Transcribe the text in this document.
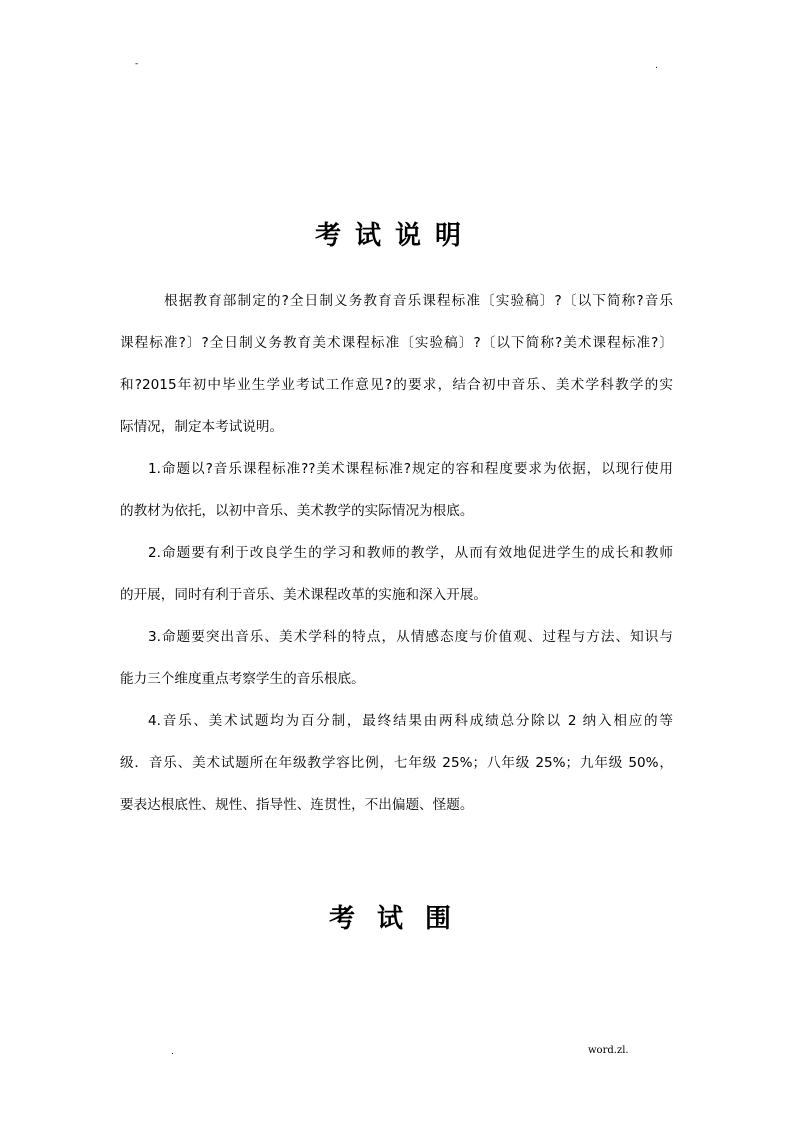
-	.
考试说明
根据教育部制定的?全日制义务教育音乐课程标准〔实验稿〕?〔以下简称?音乐
课程标准?〕?全日制义务教育美术课程标准〔实验稿〕?〔以下简称?美术课程标准?〕
和?2015年初中毕业生学业考试工作意见?的要求，结合初中音乐、美术学科教学的实
际情况，制定本考试说明。
1.命题以?音乐课程标准??美术课程标准?规定的容和程度要求为依据，以现行使用
的教材为依托，以初中音乐、美术教学的实际情况为根底。
2.命题要有利于改良学生的学习和教师的教学，从而有效地促进学生的成长和教师
的开展，同时有利于音乐、美术课程改革的实施和深入开展。
3.命题要突出音乐、美术学科的特点，从情感态度与价值观、过程与方法、知识与
能力三个维度重点考察学生的音乐根底。
4.音乐、美术试题均为百分制，最终结果由两科成绩总分除以 2 纳入相应的等
级．音乐、美术试题所在年级教学容比例，七年级 25%；八年级 25%；九年级 50%，
要表达根底性、规性、指导性、连贯性，不出偏题、怪题。
考试围
.	word.zl.
